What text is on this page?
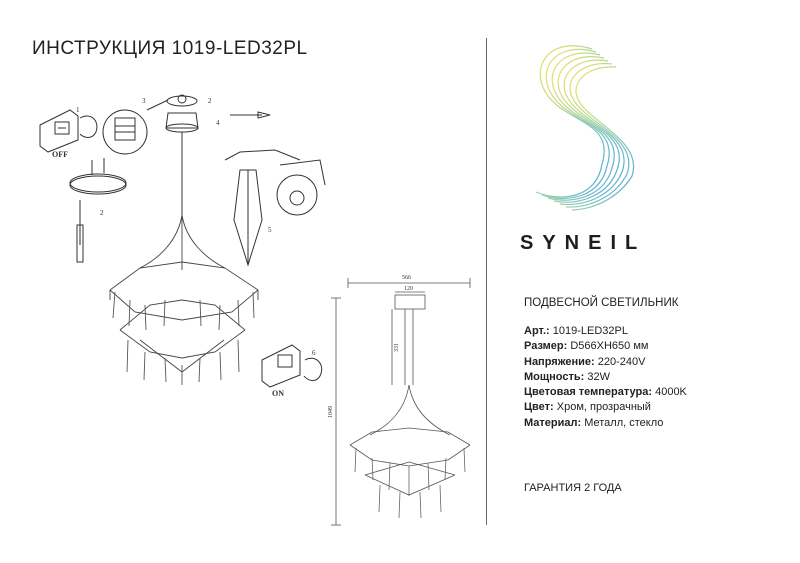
ИНСТРУКЦИЯ 1019-LED32PL
OFF
2
2
3
4
1
5
6
ON
566
120
331
1049
SYNEIL
ПОДВЕСНОЙ СВЕТИЛЬНИК
Арт.: 1019-LED32PL
Размер: D566ХН650 мм
Напряжение: 220-240V
Мощность: 32W
Цветовая температура: 4000K
Цвет: Хром, прозрачный
Материал: Металл, стекло
ГАРАНТИЯ 2 ГОДА
